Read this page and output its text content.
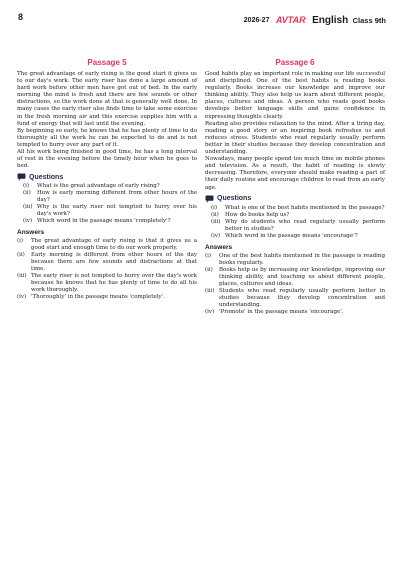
8	2026-27 AVTAR English Class 9th
Passage 5

The great advantage of early rising is the good start it gives us to our day's work. The early riser has done a large amount of hard work before other men have got out of bed. In the early morning the mind is fresh and there are few sounds or other distractions, so the work done at that is generally well done. In many cases the early riser also finds time to take some exercise in the fresh morning air and this exercise supplies him with a fund of energy that will last until the evening.

By beginning so early, he knows that he has plenty of time to do thoroughly all the work he can be expected to do and is not tempted to hurry over any part of it.

All his work being finished in good time, he has a long interval of rest in the evening before the timely hour when he goes to bed.

Questions
(i)	What is the great advantage of early rising?
(ii)	How is early morning different from other hours of the day?
(iii) Why is the early riser not tempted to hurry over his day's work?
(iv) Which word in the passage means 'completely'?
Answers
(i)	The great advantage of early rising is that it gives us a good start and enough time to do our work properly.
(ii)	Early morning is different from other hours of the day because there are few sounds and distractions at that time.
(iii) The early riser is not tempted to hurry over the day's work because he knows that he has plenty of time to do all his work thoroughly.
(iv) 'Thoroughly' in the passage means 'completely'.
Passage 6

Good habits play an important role in making our life successful and disciplined. One of the best habits is reading books regularly. Books increase our knowledge and improve our thinking ability. They also help us learn about different people, places, cultures and ideas. A person who reads good books develops better language skills and gains confidence in expressing thoughts clearly.

Reading also provides relaxation to the mind. After a tiring day, reading a good story or an inspiring book refreshes us and reduces stress. Students who read regularly usually perform better in their studies because they develop concentration and understanding.

Nowadays, many people spend too much time on mobile phones and television. As a result, the habit of reading is slowly decreasing. Therefore, everyone should make reading a part of their daily routine and encourage children to read from an early age.

Questions
(i)	What is one of the best habits mentioned in the passage?
(ii)	How do books help us?
(iii) Why do students who read regularly usually perform better in studies?
(iv) Which word in the passage means 'encourage'?
Answers
(i)	One of the best habits mentioned in the passage is reading books regularly.
(ii)	Books help us by increasing our knowledge, improving our thinking ability, and teaching us about different people, places, cultures and ideas.
(iii) Students who read regularly usually perform better in studies because they develop concentration and understanding.
(iv) 'Promote' in the passage means 'encourage'.
